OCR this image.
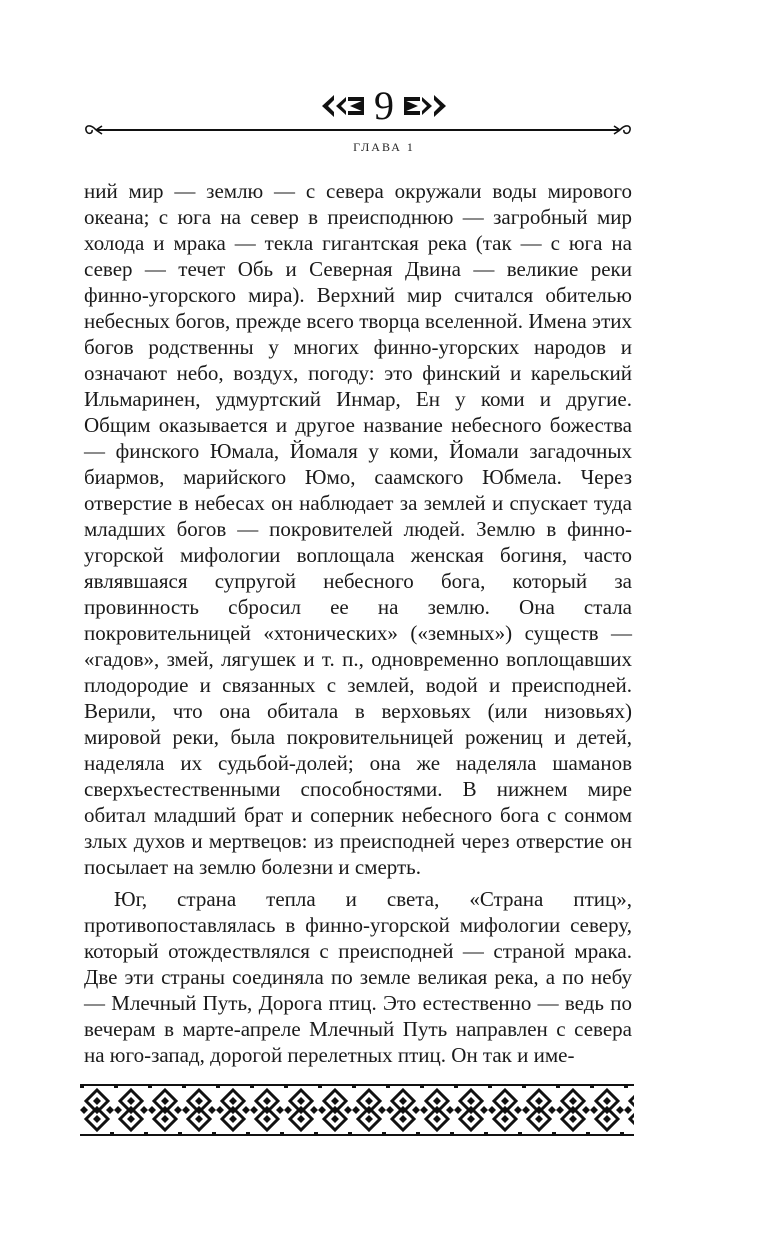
9
ГЛАВА 1

ний мир — землю — с севера окружали воды мирового океана; с юга на север в преисподнюю — загробный мир холода и мрака — текла гигантская река (так — с юга на север — течет Обь и Северная Двина — великие реки финно-угорского мира). Верхний мир считался обителью небесных богов, прежде всего творца вселенной. Имена этих богов родственны у многих финно-угорских народов и означают небо, воздух, погоду: это финский и карельский Ильмаринен, удмуртский Инмар, Ен у коми и другие. Общим оказывается и другое название небесного божества — финского Юмала, Йомаля у коми, Йомали загадочных биармов, марийского Юмо, саамского Юбмела. Через отверстие в небесах он наблюдает за землей и спускает туда младших богов — покровителей людей. Землю в финно-угорской мифологии воплощала женская богиня, часто являвшаяся супругой небесного бога, который за провинность сбросил ее на землю. Она стала покровительницей «хтонических» («земных») существ — «гадов», змей, лягушек и т. п., одновременно воплощавших плодородие и связанных с землей, водой и преисподней. Верили, что она обитала в верховьях (или низовьях) мировой реки, была покровительницей рожениц и детей, наделяла их судьбой-долей; она же наделяла шаманов сверхъестественными способностями. В нижнем мире обитал младший брат и соперник небесного бога с сонмом злых духов и мертвецов: из преисподней через отверстие он посылает на землю болезни и смерть.

Юг, страна тепла и света, «Страна птиц», противопоставлялась в финно-угорской мифологии северу, который отождествлялся с преисподней — страной мрака. Две эти страны соединяла по земле великая река, а по небу — Млечный Путь, Дорога птиц. Это естественно — ведь по вечерам в марте-апреле Млечный Путь направлен с севера на юго-запад, дорогой перелетных птиц. Он так и име-
